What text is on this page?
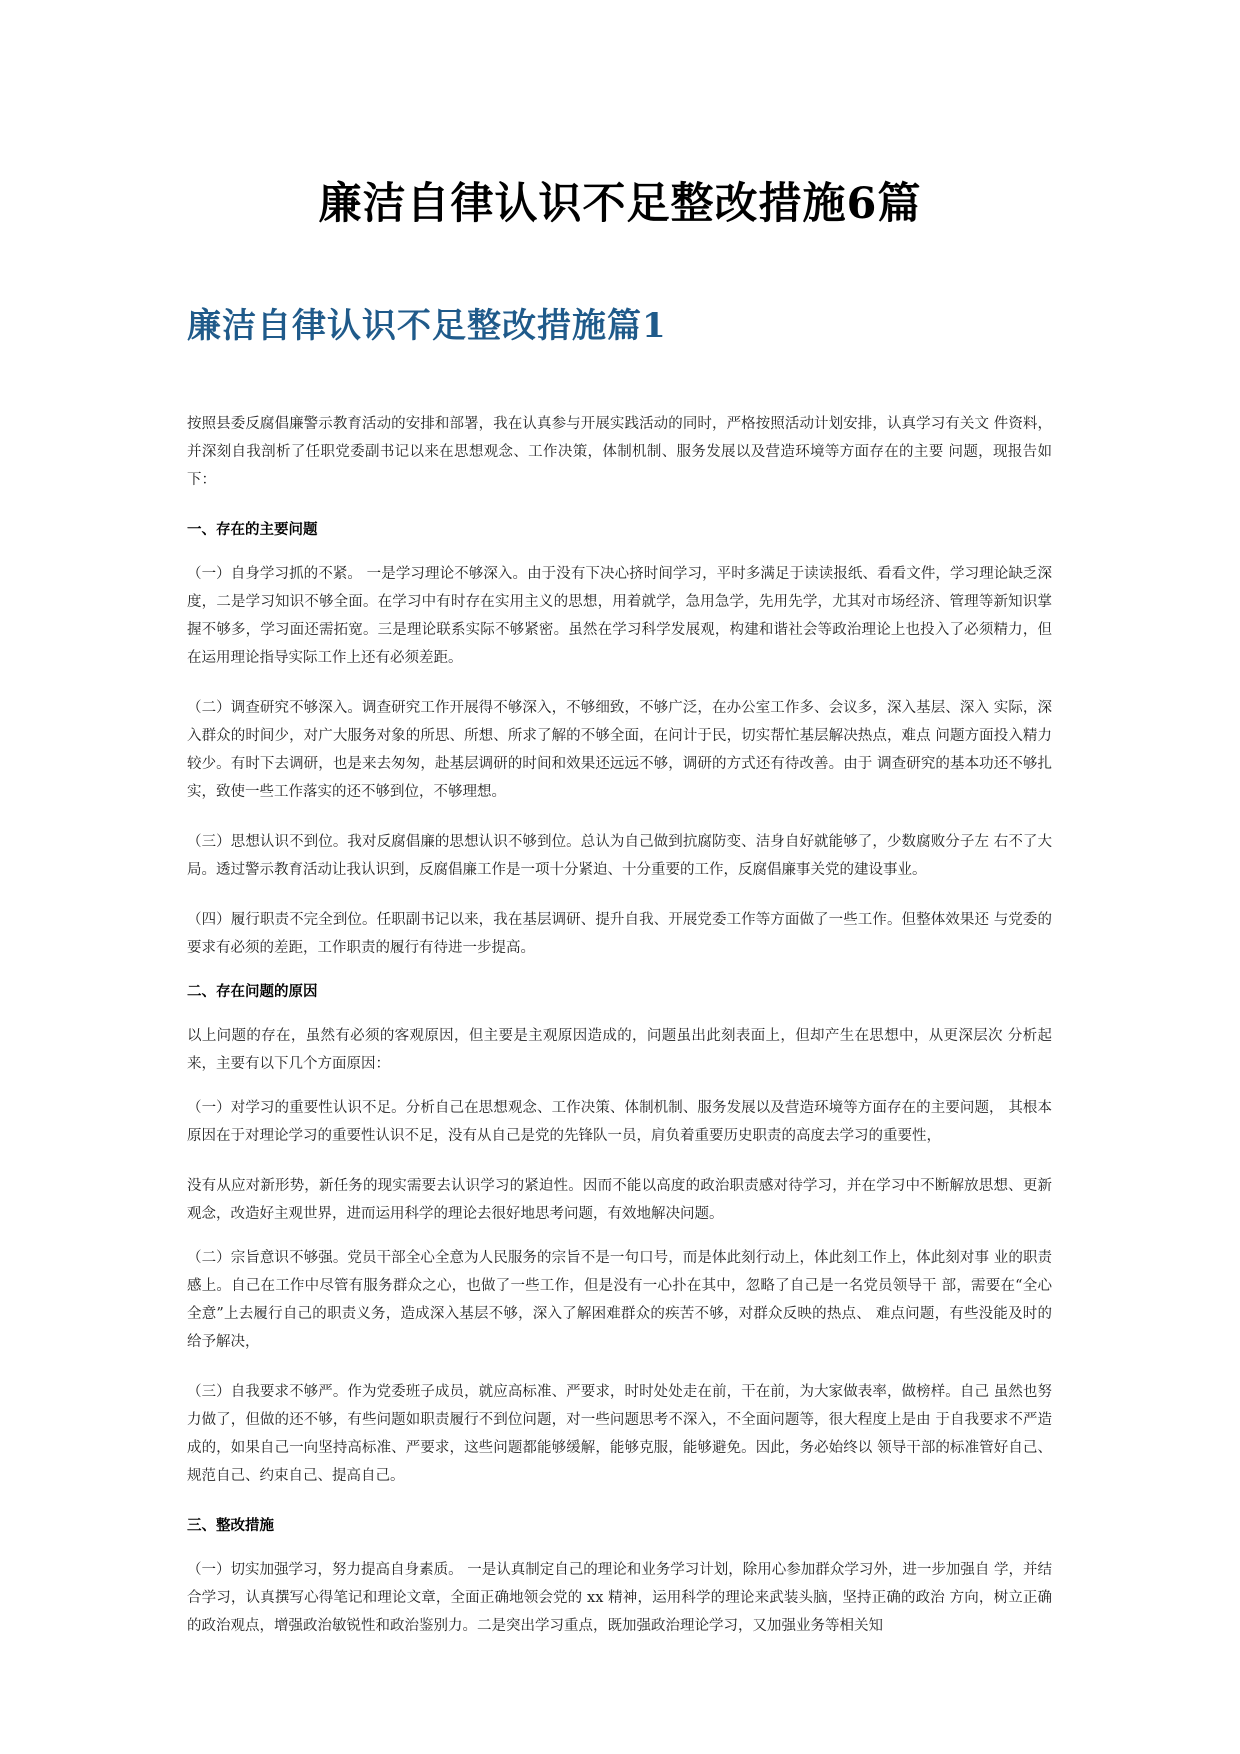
廉洁自律认识不足整改措施6篇
廉洁自律认识不足整改措施篇1

按照县委反腐倡廉警示教育活动的安排和部署，我在认真参与开展实践活动的同时，严格按照活动计划安排，认真学习有关文 件资料，并深刻自我剖析了任职党委副书记以来在思想观念、工作决策，体制机制、服务发展以及营造环境等方面存在的主要 问题，现报告如下：

一、存在的主要问题

（一）自身学习抓的不紧。 一是学习理论不够深入。由于没有下决心挤时间学习，平时多满足于读读报纸、看看文件，学习理论缺乏深度，二是学习知识不够全面。在学习中有时存在实用主义的思想，用着就学，急用急学，先用先学，尤其对市场经济、管理等新知识掌握不够多，学习面还需拓宽。三是理论联系实际不够紧密。虽然在学习科学发展观，构建和谐社会等政治理论上也投入了必须精力，但在运用理论指导实际工作上还有必须差距。

（二）调查研究不够深入。调查研究工作开展得不够深入，不够细致，不够广泛，在办公室工作多、会议多，深入基层、深入 实际，深入群众的时间少，对广大服务对象的所思、所想、所求了解的不够全面，在问计于民，切实帮忙基层解决热点，难点 问题方面投入精力较少。有时下去调研，也是来去匆匆，赴基层调研的时间和效果还远远不够，调研的方式还有待改善。由于 调查研究的基本功还不够扎实，致使一些工作落实的还不够到位，不够理想。

（三）思想认识不到位。我对反腐倡廉的思想认识不够到位。总认为自己做到抗腐防变、洁身自好就能够了，少数腐败分子左 右不了大局。透过警示教育活动让我认识到，反腐倡廉工作是一项十分紧迫、十分重要的工作，反腐倡廉事关党的建设事业。

（四）履行职责不完全到位。任职副书记以来，我在基层调研、提升自我、开展党委工作等方面做了一些工作。但整体效果还 与党委的要求有必须的差距，工作职责的履行有待进一步提高。

二、存在问题的原因

以上问题的存在，虽然有必须的客观原因，但主要是主观原因造成的，问题虽出此刻表面上，但却产生在思想中，从更深层次 分析起来，主要有以下几个方面原因：

（一）对学习的重要性认识不足。分析自己在思想观念、工作决策、体制机制、服务发展以及营造环境等方面存在的主要问题， 其根本原因在于对理论学习的重要性认识不足，没有从自己是党的先锋队一员，肩负着重要历史职责的高度去学习的重要性，

没有从应对新形势，新任务的现实需要去认识学习的紧迫性。因而不能以高度的政治职责感对待学习，并在学习中不断解放思想、更新观念，改造好主观世界，进而运用科学的理论去很好地思考问题，有效地解决问题。

（二）宗旨意识不够强。党员干部全心全意为人民服务的宗旨不是一句口号，而是体此刻行动上，体此刻工作上，体此刻对事 业的职责感上。自己在工作中尽管有服务群众之心，也做了一些工作，但是没有一心扑在其中，忽略了自己是一名党员领导干 部，需要在“全心全意”上去履行自己的职责义务，造成深入基层不够，深入了解困难群众的疾苦不够，对群众反映的热点、 难点问题，有些没能及时的给予解决，

（三）自我要求不够严。作为党委班子成员，就应高标准、严要求，时时处处走在前，干在前，为大家做表率，做榜样。自己 虽然也努力做了，但做的还不够，有些问题如职责履行不到位问题，对一些问题思考不深入，不全面问题等，很大程度上是由 于自我要求不严造成的，如果自己一向坚持高标准、严要求，这些问题都能够缓解，能够克服，能够避免。因此，务必始终以 领导干部的标准管好自己、规范自己、约束自己、提高自己。

三、整改措施

（一）切实加强学习，努力提高自身素质。 一是认真制定自己的理论和业务学习计划，除用心参加群众学习外，进一步加强自 学，并结合学习，认真撰写心得笔记和理论文章，全面正确地领会党的 xx 精神，运用科学的理论来武装头脑，坚持正确的政治 方向，树立正确的政治观点，增强政治敏锐性和政治鉴别力。二是突出学习重点，既加强政治理论学习，又加强业务等相关知
